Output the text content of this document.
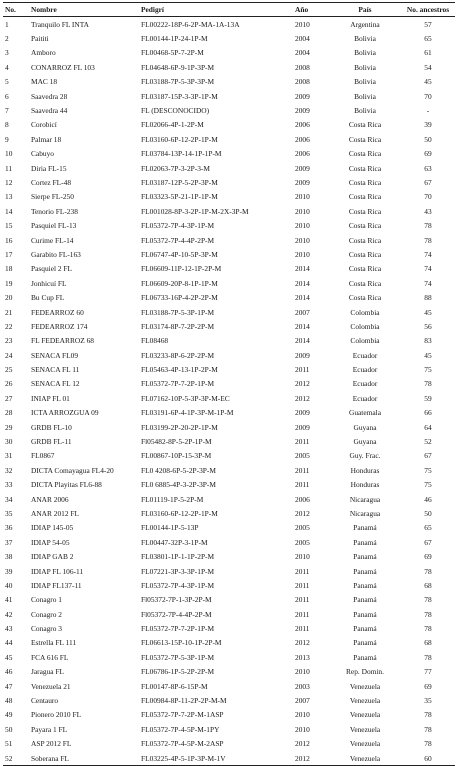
No.	Nombre	Pedigrí	Año	País	No. ancestros
1	Tranquilo FL INTA	FL00222-18P-6-2P-MA-1A-13A	2010	Argentina	57
2	Paititi	FL00144-1P-24-1P-M	2004	Bolivia	65
3	Amboro	FL00468-5P-7-2P-M	2004	Bolivia	61
4	CONARROZ FL 103	FL04648-6P-9-1P-3P-M	2008	Bolivia	54
5	MAC 18	FL03188-7P-5-3P-3P-M	2008	Bolivia	45
6	Saavedra 28	FL03187-15P-3-3P-1P-M	2009	Bolivia	70
7	Saavedra 44	FL (DESCONOCIDO)	2009	Bolivia	-
8	Corobicí	FL02066-4P-1-2P-M	2006	Costa Rica	39
9	Palmar 18	FL03160-6P-12-2P-1P-M	2006	Costa Rica	50
10	Cabuyo	FL03784-13P-14-1P-1P-M	2006	Costa Rica	69
11	Diria FL-15	FL02063-7P-3-2P-3-M	2009	Costa Rica	63
12	Cortez FL-48	FL03187-12P-5-2P-3P-M	2009	Costa Rica	67
13	Sierpe FL-250	FL03323-5P-21-1P-1P-M	2010	Costa Rica	70
14	Tenorio FL-238	FL001028-8P-3-2P-1P-M-2X-3P-M	2010	Costa Rica	43
15	Pasquiel FL-13	FL05372-7P-4-3P-1P-M	2010	Costa Rica	78
16	Curime FL-14	FL05372-7P-4-4P-2P-M	2010	Costa Rica	78
17	Garabito FL-163	FL06747-4P-10-5P-3P-M	2010	Costa Rica	74
18	Pasquiel 2 FL	FL06609-11P-12-1P-2P-M	2014	Costa Rica	74
19	Jonhicuí FL	FL06609-20P-8-1P-1P-M	2014	Costa Rica	74
20	Bu Cup FL	FL06733-16P-4-2P-2P-M	2014	Costa Rica	88
21	FEDEARROZ 60	FL03188-7P-5-3P-1P-M	2007	Colombia	45
22	FEDEARROZ 174	FL03174-8P-7-2P-2P-M	2014	Colombia	56
23	FL FEDEARROZ 68	FL08468	2014	Colombia	83
24	SENACA FL09	FL03233-8P-6-2P-2P-M	2009	Ecuador	45
25	SENACA FL 11	FL05463-4P-13-1P-2P-M	2011	Ecuador	75
26	SENACA FL 12	FL05372-7P-7-2P-1P-M	2012	Ecuador	78
27	INIAP FL 01	FL07162-10P-5-3P-3P-M-EC	2012	Ecuador	59
28	ICTA ARROZGUA 09	FL03191-6P-4-1P-3P-M-1P-M	2009	Guatemala	66
29	GRDB FL-10	FL03199-2P-20-2P-1P-M	2009	Guyana	64
30	GRDB FL-11	Fl05482-8P-5-2P-1P-M	2011	Guyana	52
31	FL0867	FL00867-10P-15-3P-M	2005	Guy. Frac.	67
32	DICTA Comayagua FL4-20	FL0 4208-6P-5-2P-3P-M	2011	Honduras	75
33	DICTA Playitas FL6-88	FL0 6885-4P-3-2P-3P-M	2011	Honduras	75
34	ANAR 2006	FL01119-1P-5-2P-M	2006	Nicaragua	46
35	ANAR 2012 FL	FL03160-6P-12-2P-1P-M	2012	Nicaragua	50
36	IDIAP 145-05	FL00144-1P-5-13P	2005	Panamá	65
37	IDIAP 54-05	FL00447-32P-3-1P-M	2005	Panamá	67
38	IDIAP GAB 2	FL03801-1P-1-1P-2P-M	2010	Panamá	69
39	IDIAP FL 106-11	FL07221-3P-3-3P-1P-M	2011	Panamá	78
40	IDIAP FL137-11	FL05372-7P-4-3P-1P-M	2011	Panamá	68
41	Conagro 1	Fl05372-7P-1-3P-2P-M	2011	Panamá	78
42	Conagro 2	Fl05372-7P-4-4P-2P-M	2011	Panamá	78
43	Conagro 3	FL05372-7P-7-2P-1P-M	2011	Panamá	78
44	Estrella FL 111	FL06613-15P-10-1P-2P-M	2012	Panamá	68
45	FCA 616 FL	FL05372-7P-5-3P-1P-M	2013	Panamá	78
46	Jaragua FL	FL06786-1P-5-2P-2P-M	2010	Rep. Domin.	77
47	Venezuela 21	FL00147-8P-6-15P-M	2003	Venezuela	69
48	Centauro	FL00984-8P-11-2P-2P-M-M	2007	Venezuela	35
49	Pionero 2010 FL	FL05372-7P-7-2P-M-1ASP	2010	Venezuela	78
50	Payara 1 FL	FL05372-7P-4-5P-M-1PY	2010	Venezuela	78
51	ASP 2012 FL	FL05372-7P-4-5P-M-2ASP	2012	Venezuela	78
52	Soberana FL	FL03225-4P-5-1P-3P-M-1V	2012	Venezuela	60
